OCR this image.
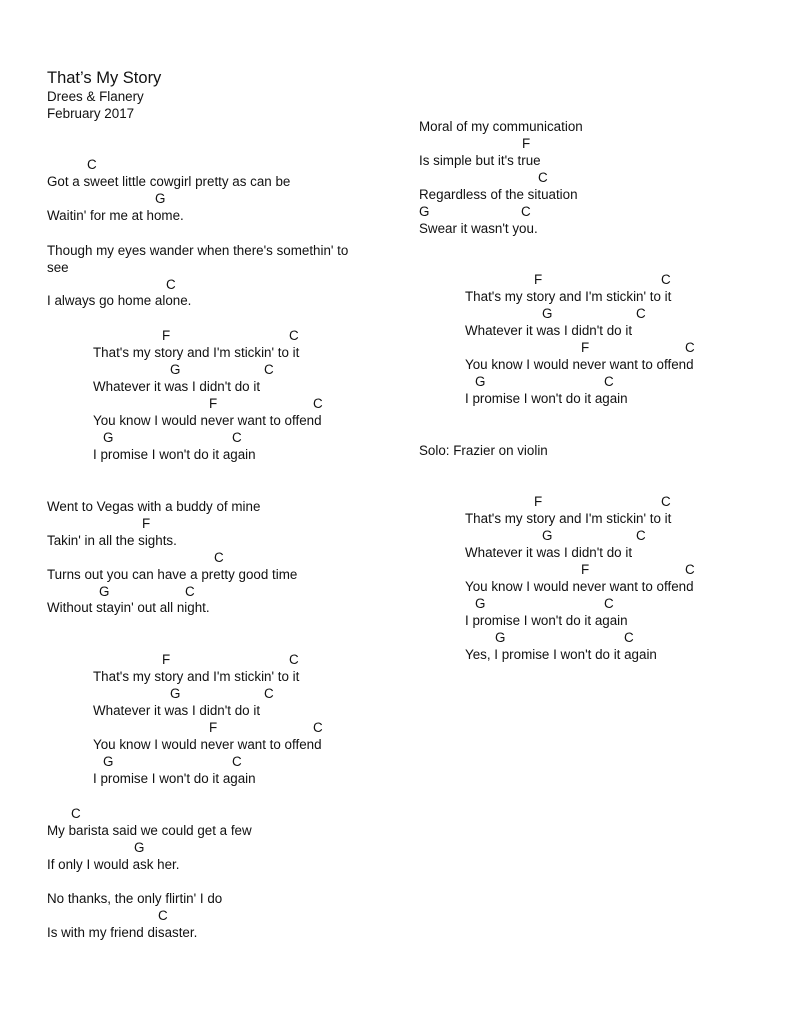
That’s My Story
Drees & Flanery
February 2017
C
Got a sweet little cowgirl pretty as can be
G
Waitin' for me at home.
Though my eyes wander when there's somethin' to
see
C
I always go home alone.
F	C
That's my story and I'm stickin' to it
G	C
Whatever it was I didn't do it
F	C
You know I would never want to offend
G	C
I promise I won't do it again
Went to Vegas with a buddy of mine
F
Takin' in all the sights.
C
Turns out you can have a pretty good time
G	C
Without stayin' out all night.
F	C
That's my story and I'm stickin' to it
G	C
Whatever it was I didn't do it
F	C
You know I would never want to offend
G	C
I promise I won't do it again
C
My barista said we could get a few
G
If only I would ask her.
No thanks, the only flirtin' I do
C
Is with my friend disaster.
Moral of my communication
F
Is simple but it's true
C
Regardless of the situation
G	C
Swear it wasn't you.
F	C
That's my story and I'm stickin' to it
G	C
Whatever it was I didn't do it
F	C
You know I would never want to offend
G	C
I promise I won't do it again
Solo: Frazier on violin
F	C
That's my story and I'm stickin' to it
G	C
Whatever it was I didn't do it
F	C
You know I would never want to offend
G	C
I promise I won't do it again
G	C
Yes, I promise I won't do it again
